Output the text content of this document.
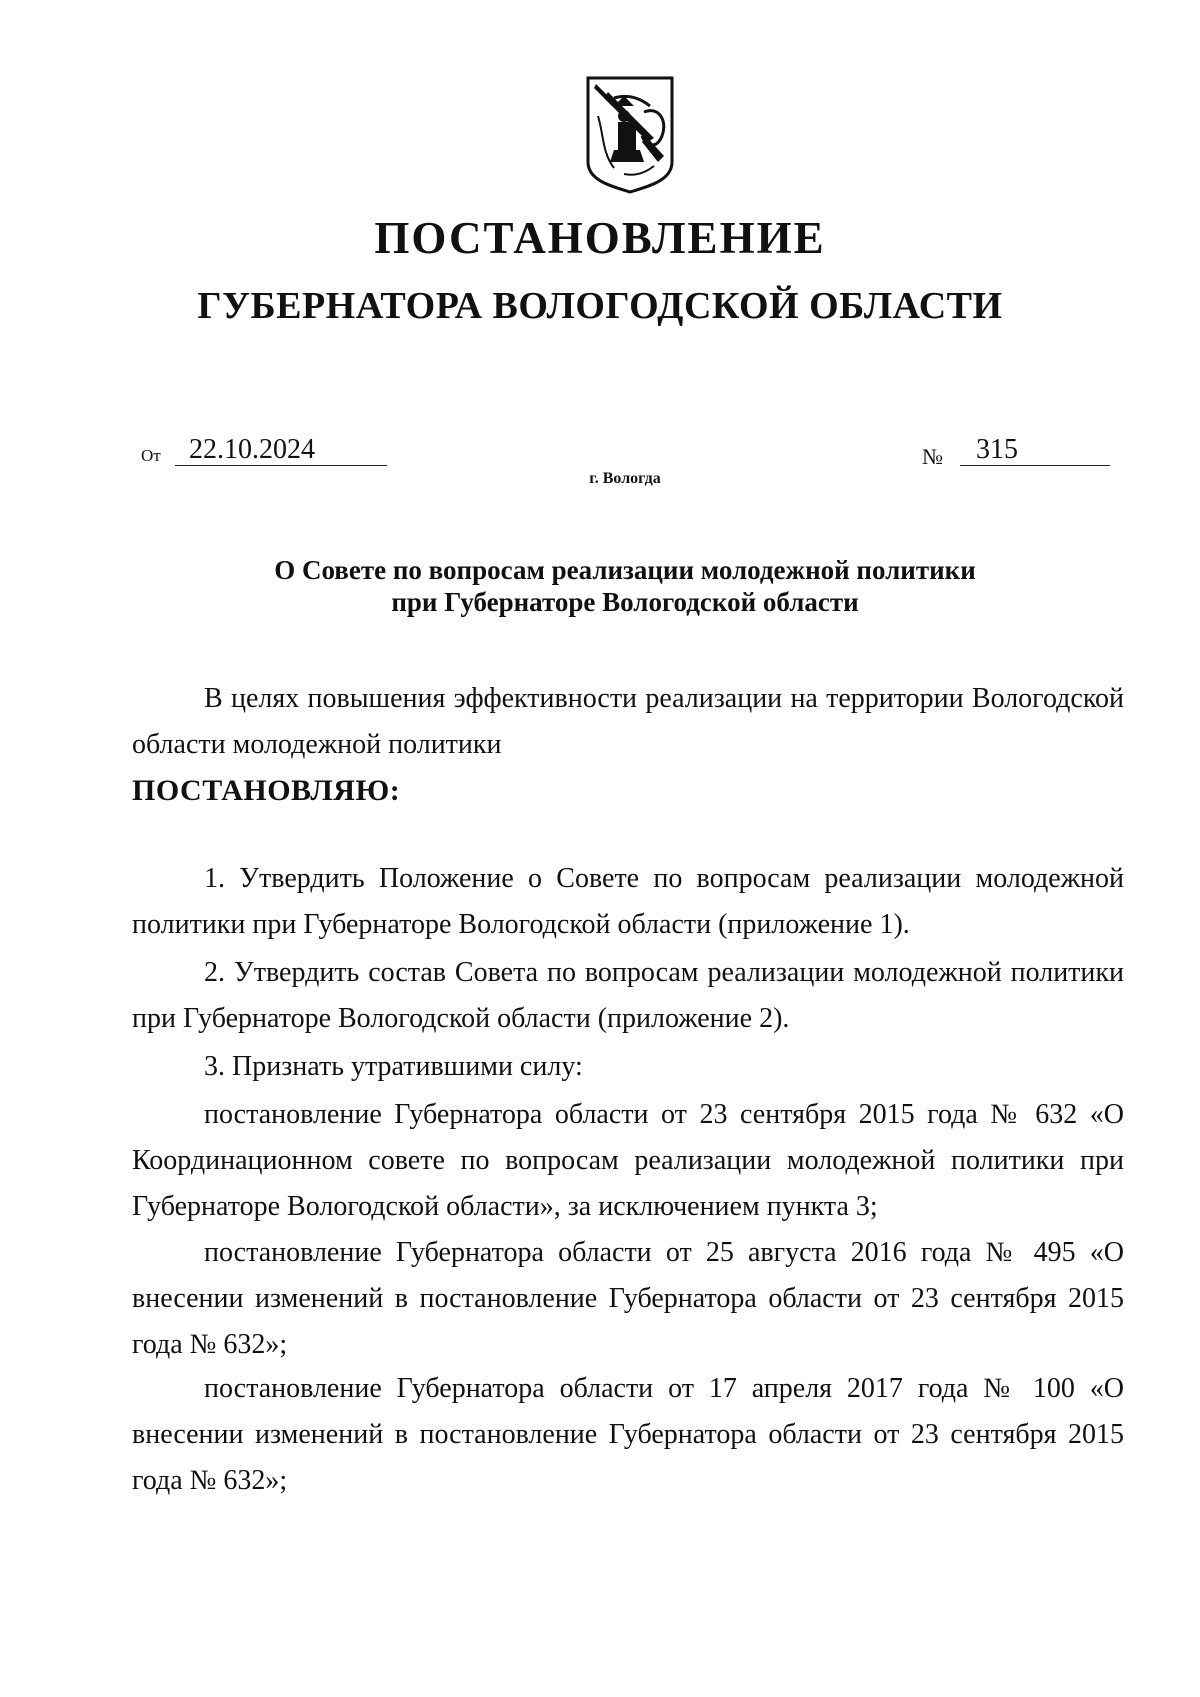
ПОСТАНОВЛЕНИЕ
ГУБЕРНАТОРА ВОЛОГОДСКОЙ ОБЛАСТИ
От	22.10.2024	№	315
г. Вологда
О Совете по вопросам реализации молодежной политики
при Губернаторе Вологодской области

В целях повышения эффективности реализации на территории Вологодской области молодежной политики

ПОСТАНОВЛЯЮ:

1. Утвердить Положение о Совете по вопросам реализации молодежной политики при Губернаторе Вологодской области (приложение 1).

2. Утвердить состав Совета по вопросам реализации молодежной политики при Губернаторе Вологодской области (приложение 2).

3. Признать утратившими силу:

постановление Губернатора области от 23 сентября 2015 года № 632 «О Координационном совете по вопросам реализации молодежной политики при Губернаторе Вологодской области», за исключением пункта 3;

постановление Губернатора области от 25 августа 2016 года № 495 «О внесении изменений в постановление Губернатора области от 23 сентября 2015 года № 632»;

постановление Губернатора области от 17 апреля 2017 года № 100 «О внесении изменений в постановление Губернатора области от 23 сентября 2015 года № 632»;
